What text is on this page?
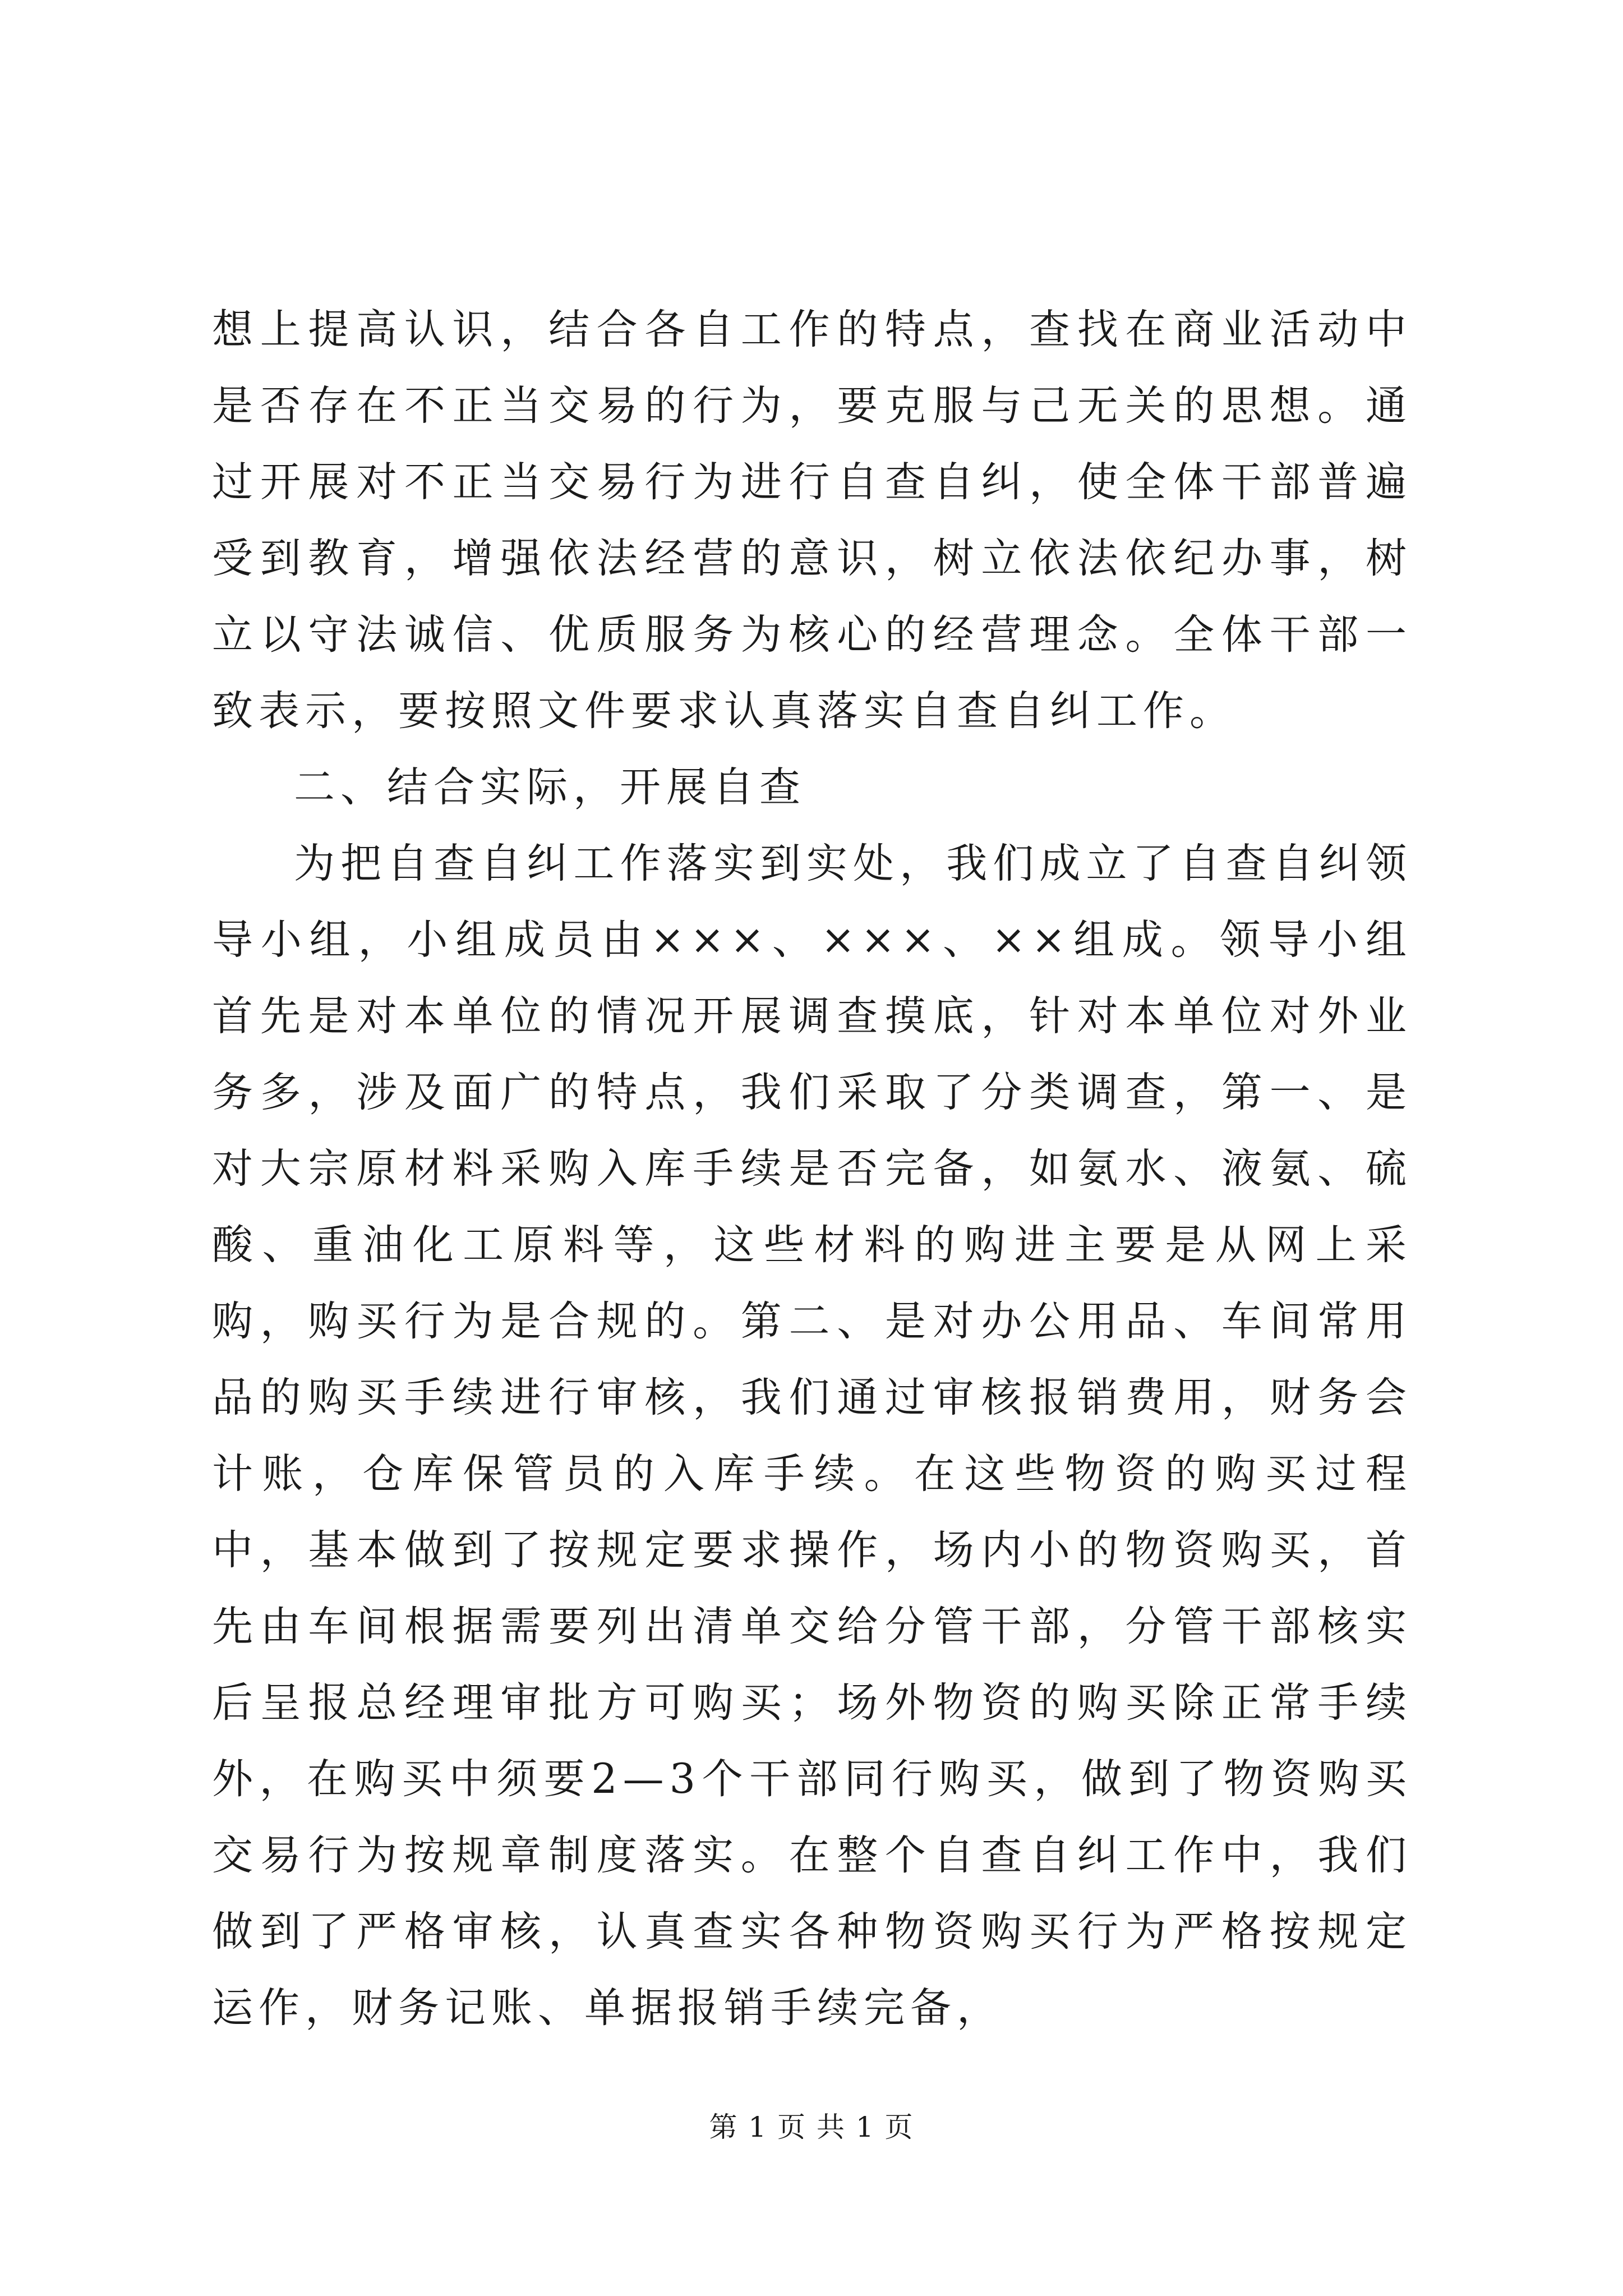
想上提高认识，结合各自工作的特点，查找在商业活动中是否存在不正当交易的行为，要克服与己无关的思想。通过开展对不正当交易行为进行自查自纠，使全体干部普遍受到教育，增强依法经营的意识，树立依法依纪办事，树立以守法诚信、优质服务为核心的经营理念。全体干部一致表示，要按照文件要求认真落实自查自纠工作。

二、结合实际，开展自查

为把自查自纠工作落实到实处，我们成立了自查自纠领导小组，小组成员由×××、×××、××组成。领导小组首先是对本单位的情况开展调查摸底，针对本单位对外业务多，涉及面广的特点，我们采取了分类调查，第一、是对大宗原材料采购入库手续是否完备，如氨水、液氨、硫酸、重油化工原料等，这些材料的购进主要是从网上采购，购买行为是合规的。第二、是对办公用品、车间常用品的购买手续进行审核，我们通过审核报销费用，财务会计账，仓库保管员的入库手续。在这些物资的购买过程中，基本做到了按规定要求操作，场内小的物资购买，首先由车间根据需要列出清单交给分管干部，分管干部核实后呈报总经理审批方可购买；场外物资的购买除正常手续外，在购买中须要2—3个干部同行购买，做到了物资购买交易行为按规章制度落实。在整个自查自纠工作中，我们做到了严格审核，认真查实各种物资购买行为严格按规定运作，财务记账、单据报销手续完备，

第 1 页 共 1 页
